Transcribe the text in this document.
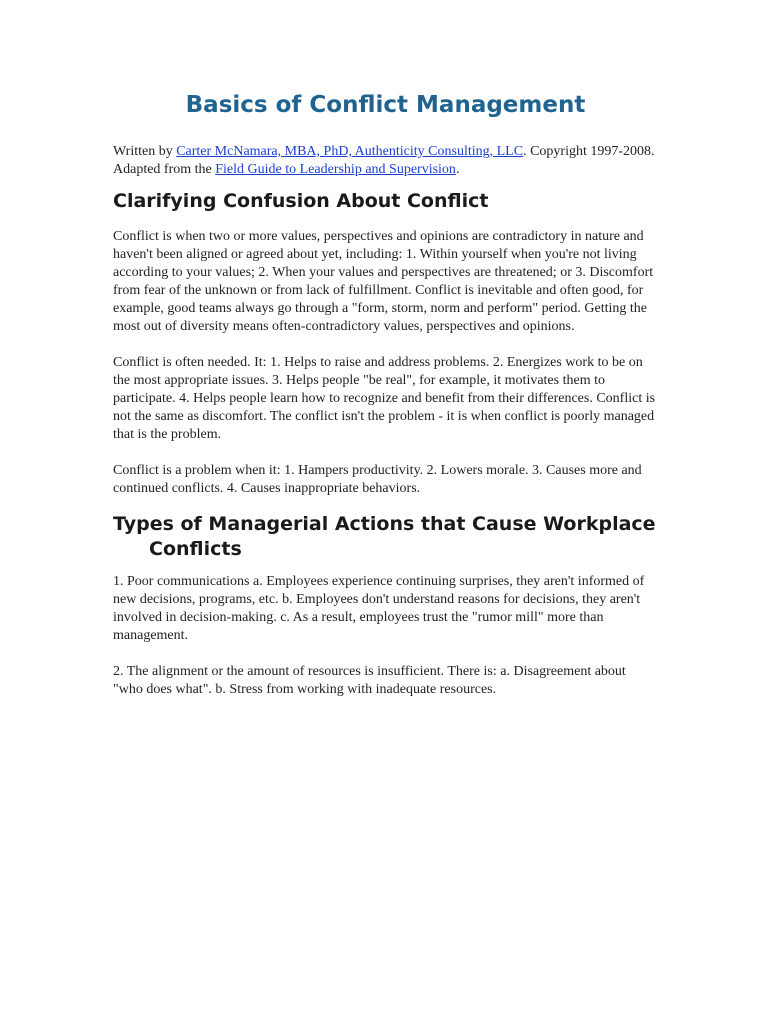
Basics of Conflict Management
Written by Carter McNamara, MBA, PhD, Authenticity Consulting, LLC. Copyright 1997-2008. Adapted from the Field Guide to Leadership and Supervision.
Clarifying Confusion About Conflict
Conflict is when two or more values, perspectives and opinions are contradictory in nature and haven't been aligned or agreed about yet, including: 1. Within yourself when you're not living according to your values; 2. When your values and perspectives are threatened; or 3. Discomfort from fear of the unknown or from lack of fulfillment. Conflict is inevitable and often good, for example, good teams always go through a "form, storm, norm and perform" period. Getting the most out of diversity means often-contradictory values, perspectives and opinions.
Conflict is often needed. It: 1. Helps to raise and address problems. 2. Energizes work to be on the most appropriate issues. 3. Helps people "be real", for example, it motivates them to participate. 4. Helps people learn how to recognize and benefit from their differences. Conflict is not the same as discomfort. The conflict isn't the problem - it is when conflict is poorly managed that is the problem.
Conflict is a problem when it: 1. Hampers productivity. 2. Lowers morale. 3. Causes more and continued conflicts. 4. Causes inappropriate behaviors.
Types of Managerial Actions that Cause Workplace Conflicts
1. Poor communications a. Employees experience continuing surprises, they aren't informed of new decisions, programs, etc. b. Employees don't understand reasons for decisions, they aren't involved in decision-making. c. As a result, employees trust the "rumor mill" more than management.
2. The alignment or the amount of resources is insufficient. There is: a. Disagreement about "who does what". b. Stress from working with inadequate resources.
